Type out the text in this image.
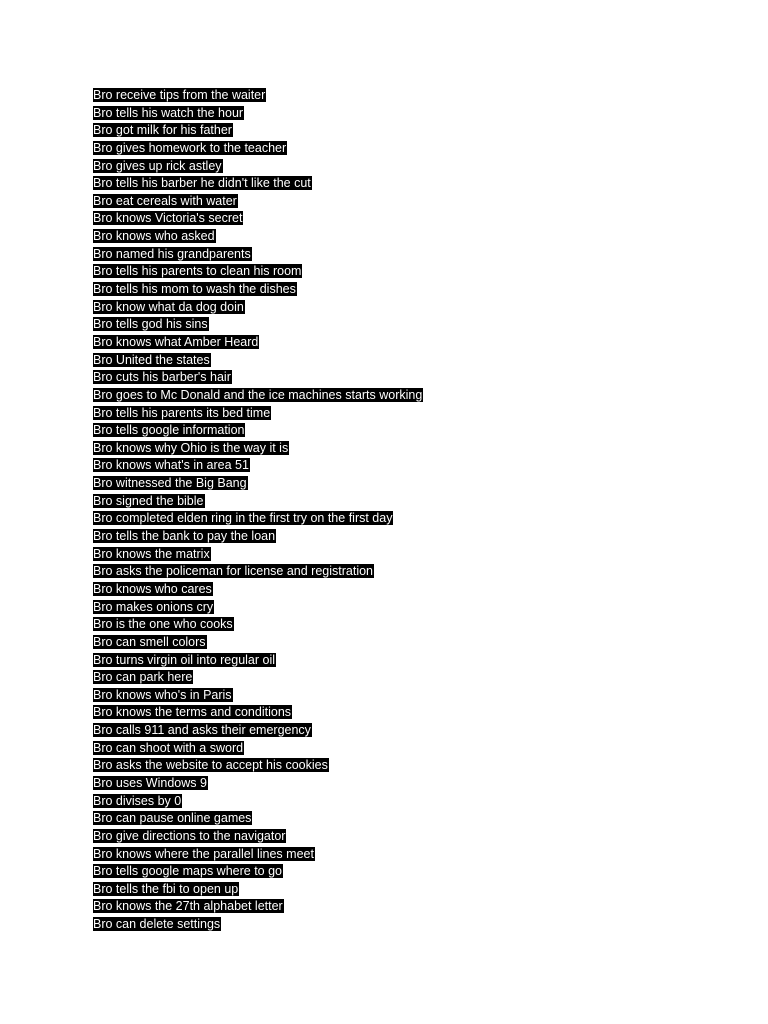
Bro receive tips from the waiter
Bro tells his watch the hour
Bro got milk for his father
Bro gives homework to the teacher
Bro gives up rick astley
Bro tells his barber he didn't like the cut
Bro eat cereals with water
Bro knows Victoria's secret
Bro knows who asked
Bro named his grandparents
Bro tells his parents to clean his room
Bro tells his mom to wash the dishes
Bro know what da dog doin
Bro tells god his sins
Bro knows what Amber Heard
Bro United the states
Bro cuts his barber's hair
Bro goes to Mc Donald and the ice machines starts working
Bro tells his parents its bed time
Bro tells google information
Bro knows why Ohio is the way it is
Bro knows what's in area 51
Bro witnessed the Big Bang
Bro signed the bible
Bro completed elden ring in the first try on the first day
Bro tells the bank to pay the loan
Bro knows the matrix
Bro asks the policeman for license and registration
Bro knows who cares
Bro makes onions cry
Bro is the one who cooks
Bro can smell colors
Bro turns virgin oil into regular oil
Bro can park here
Bro knows who's in Paris
Bro knows the terms and conditions
Bro calls 911 and asks their emergency
Bro can shoot with a sword
Bro asks the website to accept his cookies
Bro uses Windows 9
Bro divises by 0
Bro can pause online games
Bro give directions to the navigator
Bro knows where the parallel lines meet
Bro tells google maps where to go
Bro tells the fbi to open up
Bro knows the 27th alphabet letter
Bro can delete settings
